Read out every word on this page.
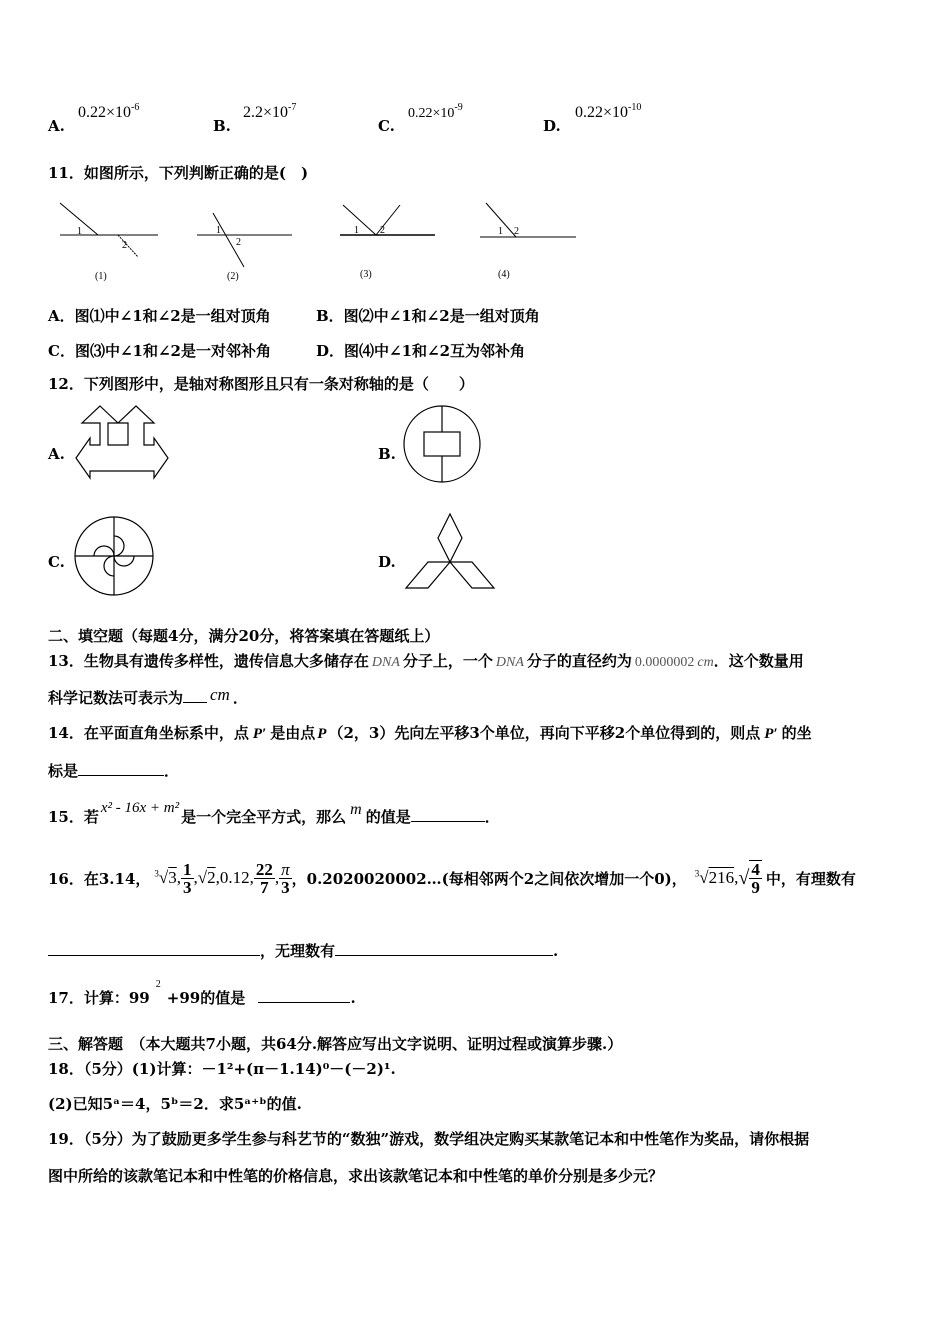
A.
$0.22\times 10^{-6}$
B.
$2.2\times 10^{-7}$
C.
$0.22\times 10^{-9}$
D.
$0.22\times 10^{-10}$
11．如图所示，下列判断正确的是(　)
1
2
(1)
1
2
(2)
1 2
(3)
1 2
(4)
A．图⑴中∠1和∠2是一组对顶角	B．图⑵中∠1和∠2是一组对顶角
C．图⑶中∠1和∠2是一对邻补角	D．图⑷中∠1和∠2互为邻补角
12．下列图形中，是轴对称图形且只有一条对称轴的是（　　）
A.	B.
C.	D.
二、填空题（每题4分，满分20分，将答案填在答题纸上）
13．生物具有遗传多样性，遗传信息大多储存在 DNA 分子上，一个 DNA 分子的直径约为 0.0000002 cm．这个数量用
科学记数法可表示为 cm ．
14．在平面直角坐标系中，点 P′ 是由点 P （2，3）先向左平移3个单位，再向下平移2个单位得到的，则点 P′ 的坐
标是	．
15．若 x² - 16x + m² 是一个完全平方式，那么 m 的值是	．
16．在3.14， $^3$√3, $\frac{1}{3} ,√2$, 0.12, $\frac{22}{7}$ , $\frac{\pi}{3}$ ，0.2020020002…(每相邻两个2之间依次增加一个0)， $^3$√216, √ $\frac{4}{9}$ 中，有理数有
，无理数有	.
17．计算：$99^2+99$的值是	.
三、解答题　（本大题共7小题，共64分.解答应写出文字说明、证明过程或演算步骤.）
18．（5分）(1)计算：－1²+(π－1.14)⁰－(－2)¹.
(2)已知5ᵃ＝4，5ᵇ＝2．求5ᵃ⁺ᵇ的值.
19．（5分）为了鼓励更多学生参与科艺节的“数独”游戏，数学组决定购买某款笔记本和中性笔作为奖品，请你根据
图中所给的该款笔记本和中性笔的价格信息，求出该款笔记本和中性笔的单价分别是多少元？
